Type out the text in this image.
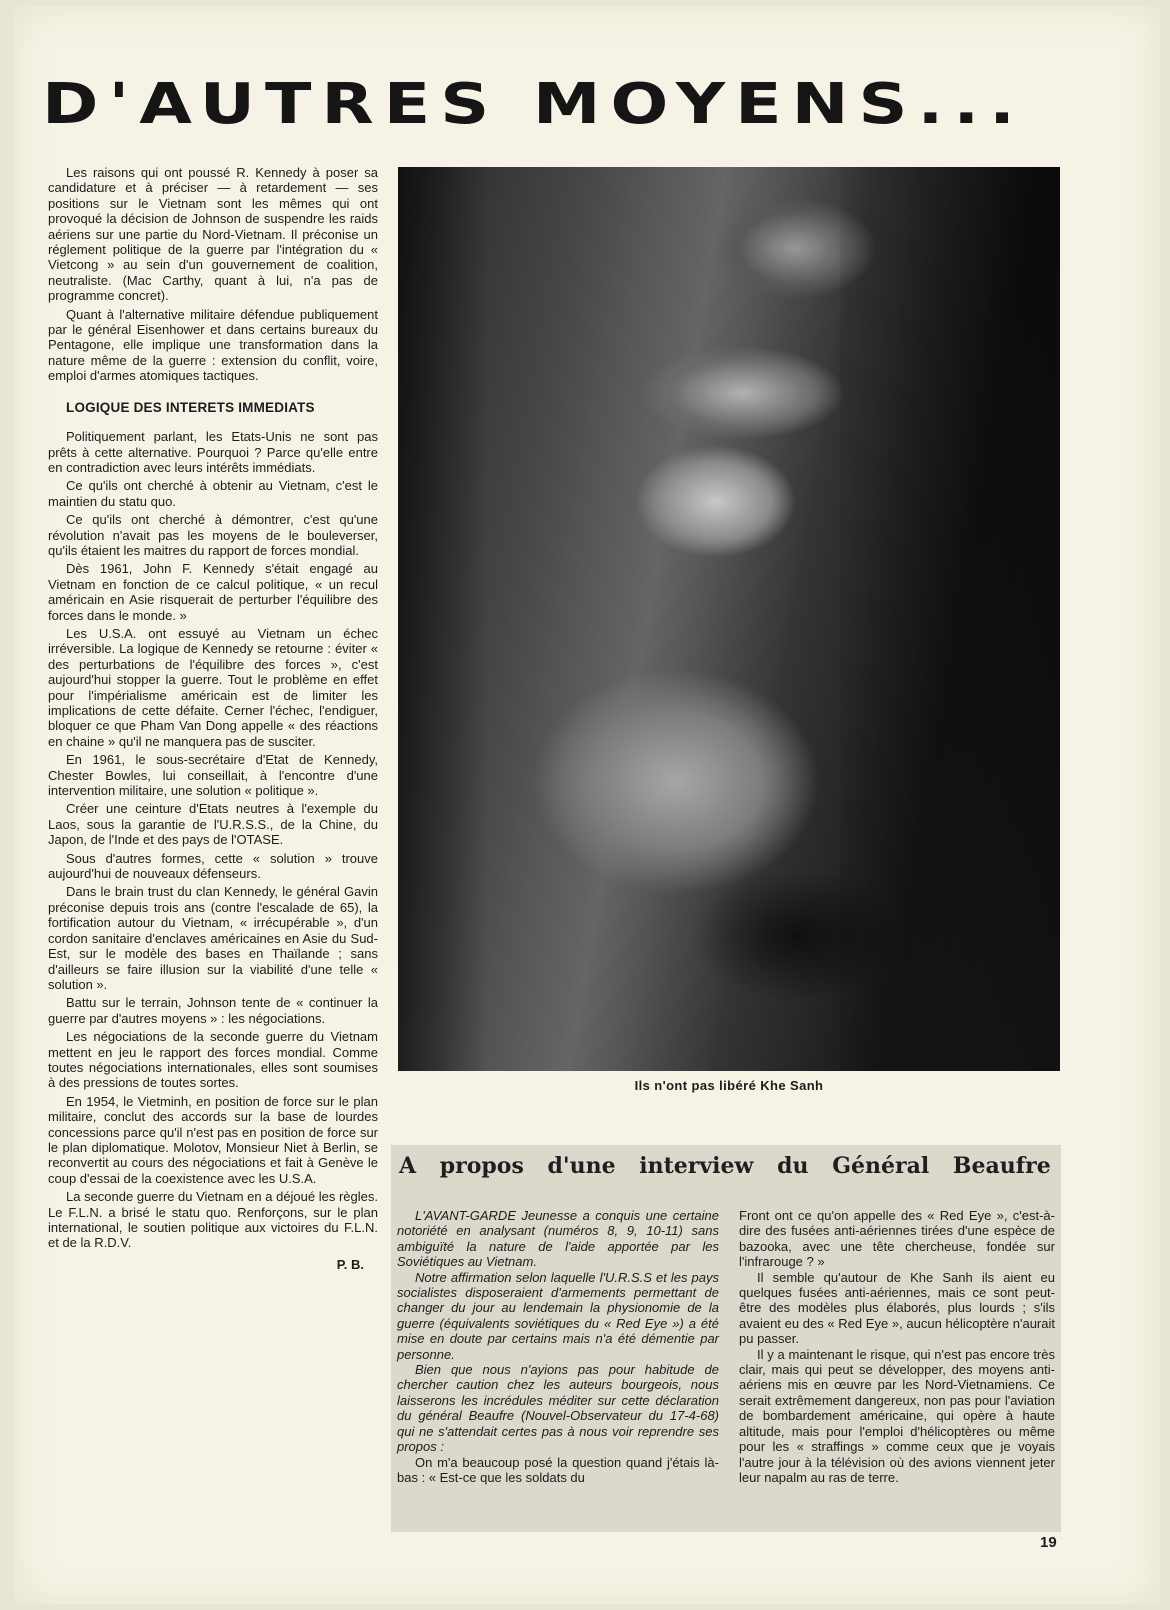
D'AUTRES MOYENS...

Les raisons qui ont poussé R. Kennedy à poser sa candidature et à préciser — à retardement — ses positions sur le Vietnam sont les mêmes qui ont provoqué la décision de Johnson de suspendre les raids aériens sur une partie du Nord-Vietnam. Il préconise un réglement politique de la guerre par l'intégration du « Vietcong » au sein d'un gouvernement de coalition, neutraliste. (Mac Carthy, quant à lui, n'a pas de programme concret).

Quant à l'alternative militaire défendue publiquement par le général Eisenhower et dans certains bureaux du Pentagone, elle implique une transformation dans la nature même de la guerre : extension du conflit, voire, emploi d'armes atomiques tactiques.

LOGIQUE DES INTERETS IMMEDIATS

Politiquement parlant, les Etats-Unis ne sont pas prêts à cette alternative. Pourquoi ? Parce qu'elle entre en contradiction avec leurs intérêts immédiats.

Ce qu'ils ont cherché à obtenir au Vietnam, c'est le maintien du statu quo.

Ce qu'ils ont cherché à démontrer, c'est qu'une révolution n'avait pas les moyens de le bouleverser, qu'ils étaient les maitres du rapport de forces mondial.

Dès 1961, John F. Kennedy s'était engagé au Vietnam en fonction de ce calcul politique, « un recul américain en Asie risquerait de perturber l'équilibre des forces dans le monde. »

Les U.S.A. ont essuyé au Vietnam un échec irréversible. La logique de Kennedy se retourne : éviter « des perturbations de l'équilibre des forces », c'est aujourd'hui stopper la guerre. Tout le problème en effet pour l'impérialisme américain est de limiter les implications de cette défaite. Cerner l'échec, l'endiguer, bloquer ce que Pham Van Dong appelle « des réactions en chaine » qu'il ne manquera pas de susciter.

En 1961, le sous-secrétaire d'Etat de Kennedy, Chester Bowles, lui conseillait, à l'encontre d'une intervention militaire, une solution « politique ».

Créer une ceinture d'Etats neutres à l'exemple du Laos, sous la garantie de l'U.R.S.S., de la Chine, du Japon, de l'Inde et des pays de l'OTASE.

Sous d'autres formes, cette « solution » trouve aujourd'hui de nouveaux défenseurs.

Dans le brain trust du clan Kennedy, le général Gavin préconise depuis trois ans (contre l'escalade de 65), la fortification autour du Vietnam, « irrécupérable », d'un cordon sanitaire d'enclaves américaines en Asie du Sud-Est, sur le modèle des bases en Thaïlande ; sans d'ailleurs se faire illusion sur la viabilité d'une telle « solution ».

Battu sur le terrain, Johnson tente de « continuer la guerre par d'autres moyens » : les négociations.

Les négociations de la seconde guerre du Vietnam mettent en jeu le rapport des forces mondial. Comme toutes négociations internationales, elles sont soumises à des pressions de toutes sortes.

En 1954, le Vietminh, en position de force sur le plan militaire, conclut des accords sur la base de lourdes concessions parce qu'il n'est pas en position de force sur le plan diplomatique. Molotov, Monsieur Niet à Berlin, se reconvertit au cours des négociations et fait à Genève le coup d'essai de la coexistence avec les U.S.A.

La seconde guerre du Vietnam en a déjoué les règles. Le F.L.N. a brisé le statu quo. Renforçons, sur le plan international, le soutien politique aux victoires du F.L.N. et de la R.D.V.

P. B.

Ils n'ont pas libéré Khe Sanh
A propos d'une interview du Général Beaufre

L'AVANT-GARDE Jeunesse a conquis une certaine notoriété en analysant (numéros 8, 9, 10-11) sans ambiguïté la nature de l'aide apportée par les Soviétiques au Vietnam.

Notre affirmation selon laquelle l'U.R.S.S et les pays socialistes disposeraient d'armements permettant de changer du jour au lendemain la physionomie de la guerre (équivalents soviétiques du « Red Eye ») a été mise en doute par certains mais n'a été démentie par personne.

Bien que nous n'ayions pas pour habitude de chercher caution chez les auteurs bourgeois, nous laisserons les incrédules méditer sur cette déclaration du général Beaufre (Nouvel-Observateur du 17-4-68) qui ne s'attendait certes pas à nous voir reprendre ses propos :

On m'a beaucoup posé la question quand j'étais là-bas : « Est-ce que les soldats du

Front ont ce qu'on appelle des « Red Eye », c'est-à-dire des fusées anti-aériennes tirées d'une espèce de bazooka, avec une tête chercheuse, fondée sur l'infrarouge ? »

Il semble qu'autour de Khe Sanh ils aient eu quelques fusées anti-aériennes, mais ce sont peut-être des modèles plus élaborés, plus lourds ; s'ils avaient eu des « Red Eye », aucun hélicoptère n'aurait pu passer.

Il y a maintenant le risque, qui n'est pas encore très clair, mais qui peut se développer, des moyens anti-aériens mis en œuvre par les Nord-Vietnamiens. Ce serait extrêmement dangereux, non pas pour l'aviation de bombardement américaine, qui opère à haute altitude, mais pour l'emploi d'hélicoptères ou même pour les « straffings » comme ceux que je voyais l'autre jour à la télévision où des avions viennent jeter leur napalm au ras de terre.

19
